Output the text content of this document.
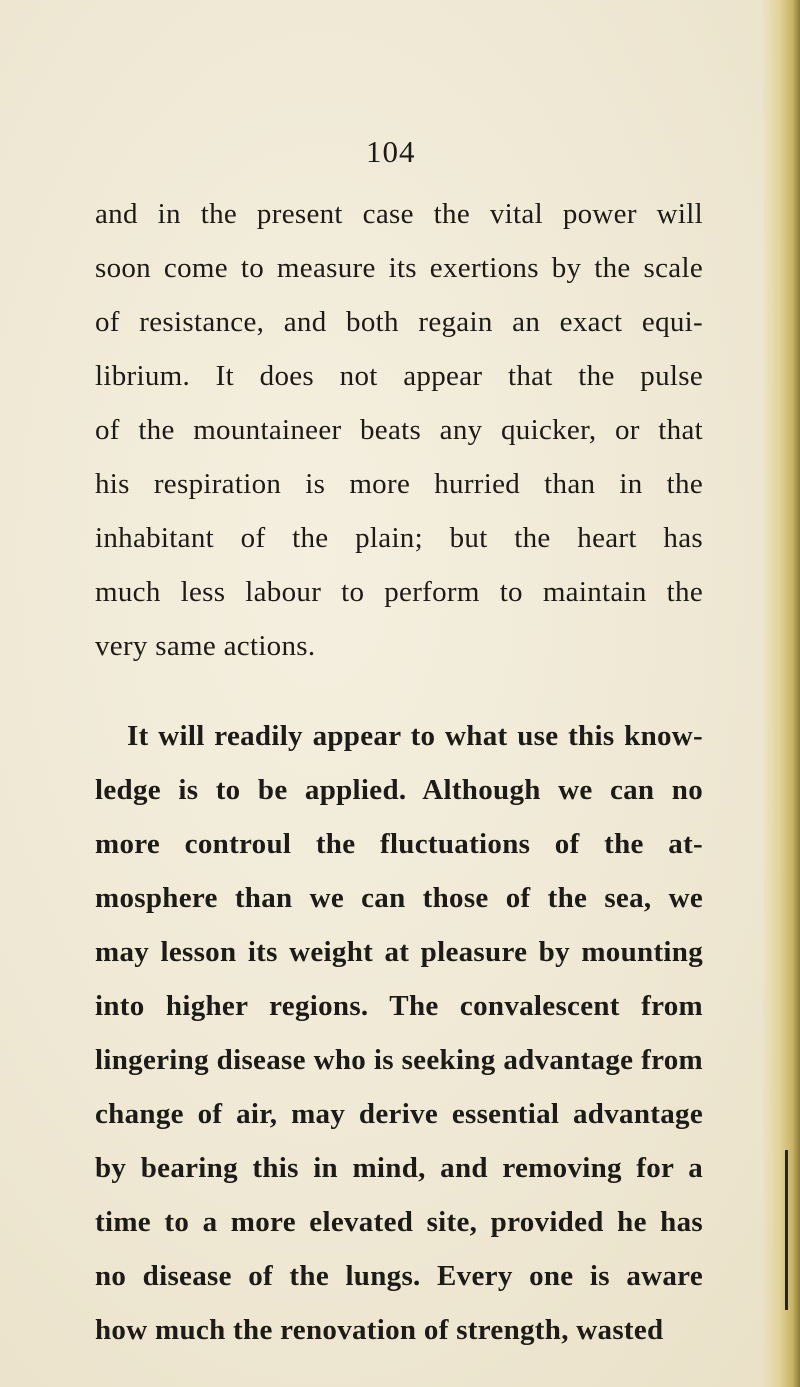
104
and in the present case the vital power will
soon come to measure its exertions by the scale
of resistance, and both regain an exact equi-
librium. It does not appear that the pulse
of the mountaineer beats any quicker, or that
his respiration is more hurried than in the
inhabitant of the plain; but the heart has
much less labour to perform to maintain the
very same actions.
It will readily appear to what use this know-
ledge is to be applied. Although we can no
more controul the fluctuations of the at-
mosphere than we can those of the sea, we
may lesson its weight at pleasure by mounting
into higher regions. The convalescent from
lingering disease who is seeking advantage from
change of air, may derive essential advantage
by bearing this in mind, and removing for a
time to a more elevated site, provided he has
no disease of the lungs. Every one is aware
how much the renovation of strength, wasted
